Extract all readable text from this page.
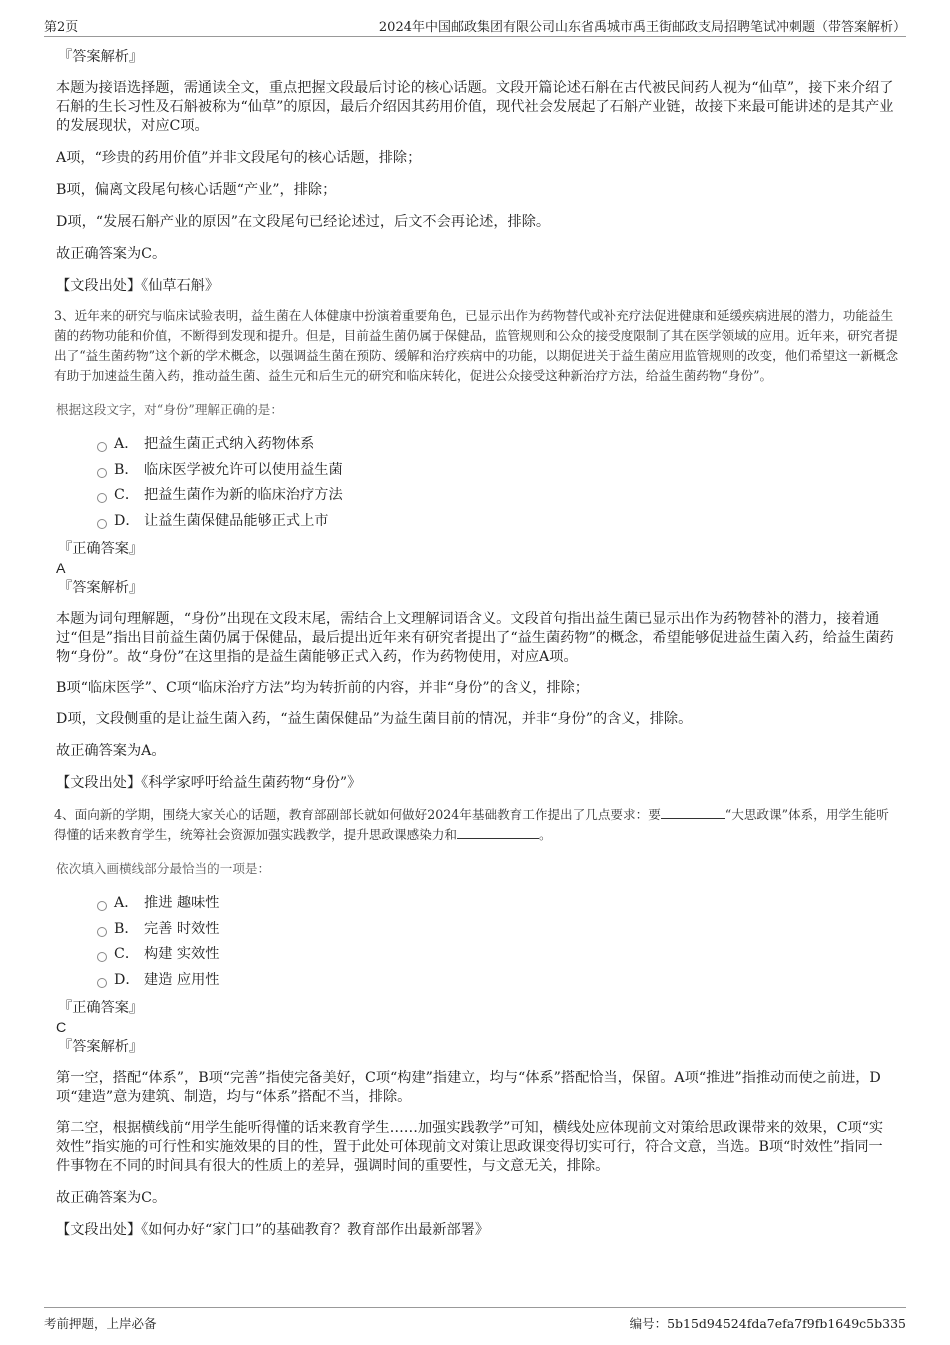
第2页	2024年中国邮政集团有限公司山东省禹城市禹王街邮政支局招聘笔试冲刺题（带答案解析）
『答案解析』

本题为接语选择题，需通读全文，重点把握文段最后讨论的核心话题。文段开篇论述石斛在古代被民间药人视为“仙草”，接下来介绍了石斛的生长习性及石斛被称为“仙草”的原因，最后介绍因其药用价值，现代社会发展起了石斛产业链，故接下来最可能讲述的是其产业的发展现状，对应C项。

A项，“珍贵的药用价值”并非文段尾句的核心话题，排除；

B项，偏离文段尾句核心话题“产业”，排除；

D项，“发展石斛产业的原因”在文段尾句已经论述过，后文不会再论述，排除。

故正确答案为C。

【文段出处】《仙草石斛》

3、近年来的研究与临床试验表明，益生菌在人体健康中扮演着重要角色，已显示出作为药物替代或补充疗法促进健康和延缓疾病进展的潜力，功能益生菌的药物功能和价值，不断得到发现和提升。但是，目前益生菌仍属于保健品，监管规则和公众的接受度限制了其在医学领域的应用。近年来，研究者提出了“益生菌药物”这个新的学术概念，以强调益生菌在预防、缓解和治疗疾病中的功能，以期促进关于益生菌应用监管规则的改变，他们希望这一新概念有助于加速益生菌入药，推动益生菌、益生元和后生元的研究和临床转化，促进公众接受这种新治疗方法，给益生菌药物“身份”。

根据这段文字，对“身份”理解正确的是：

A． 把益生菌正式纳入药物体系
B． 临床医学被允许可以使用益生菌
C． 把益生菌作为新的临床治疗方法
D． 让益生菌保健品能够正式上市
『正确答案』

A

『答案解析』

本题为词句理解题，“身份”出现在文段末尾，需结合上文理解词语含义。文段首句指出益生菌已显示出作为药物替补的潜力，接着通过“但是”指出目前益生菌仍属于保健品，最后提出近年来有研究者提出了“益生菌药物”的概念，希望能够促进益生菌入药，给益生菌药物“身份”。故“身份”在这里指的是益生菌能够正式入药，作为药物使用，对应A项。

B项“临床医学”、C项“临床治疗方法”均为转折前的内容，并非“身份”的含义，排除；

D项，文段侧重的是让益生菌入药，“益生菌保健品”为益生菌目前的情况，并非“身份”的含义，排除。

故正确答案为A。

【文段出处】《科学家呼吁给益生菌药物“身份”》

4、面向新的学期，围绕大家关心的话题，教育部副部长就如何做好2024年基础教育工作提出了几点要求：要	“大思政课”体系，用学生能听得懂的话来教育学生，统筹社会资源加强实践教学，提升思政课感染力和	。

依次填入画横线部分最恰当的一项是：

A． 推进 趣味性
B． 完善 时效性
C． 构建 实效性
D． 建造 应用性
『正确答案』

C

『答案解析』

第一空，搭配“体系”，B项“完善”指使完备美好，C项“构建”指建立，均与“体系”搭配恰当，保留。A项“推进”指推动而使之前进，D项“建造”意为建筑、制造，均与“体系”搭配不当，排除。

第二空，根据横线前“用学生能听得懂的话来教育学生……加强实践教学”可知，横线处应体现前文对策给思政课带来的效果，C项“实效性”指实施的可行性和实施效果的目的性，置于此处可体现前文对策让思政课变得切实可行，符合文意，当选。B项“时效性”指同一件事物在不同的时间具有很大的性质上的差异，强调时间的重要性，与文意无关，排除。

故正确答案为C。

【文段出处】《如何办好“家门口”的基础教育？教育部作出最新部署》

考前押题，上岸必备	编号：5b15d94524fda7efa7f9fb1649c5b335
